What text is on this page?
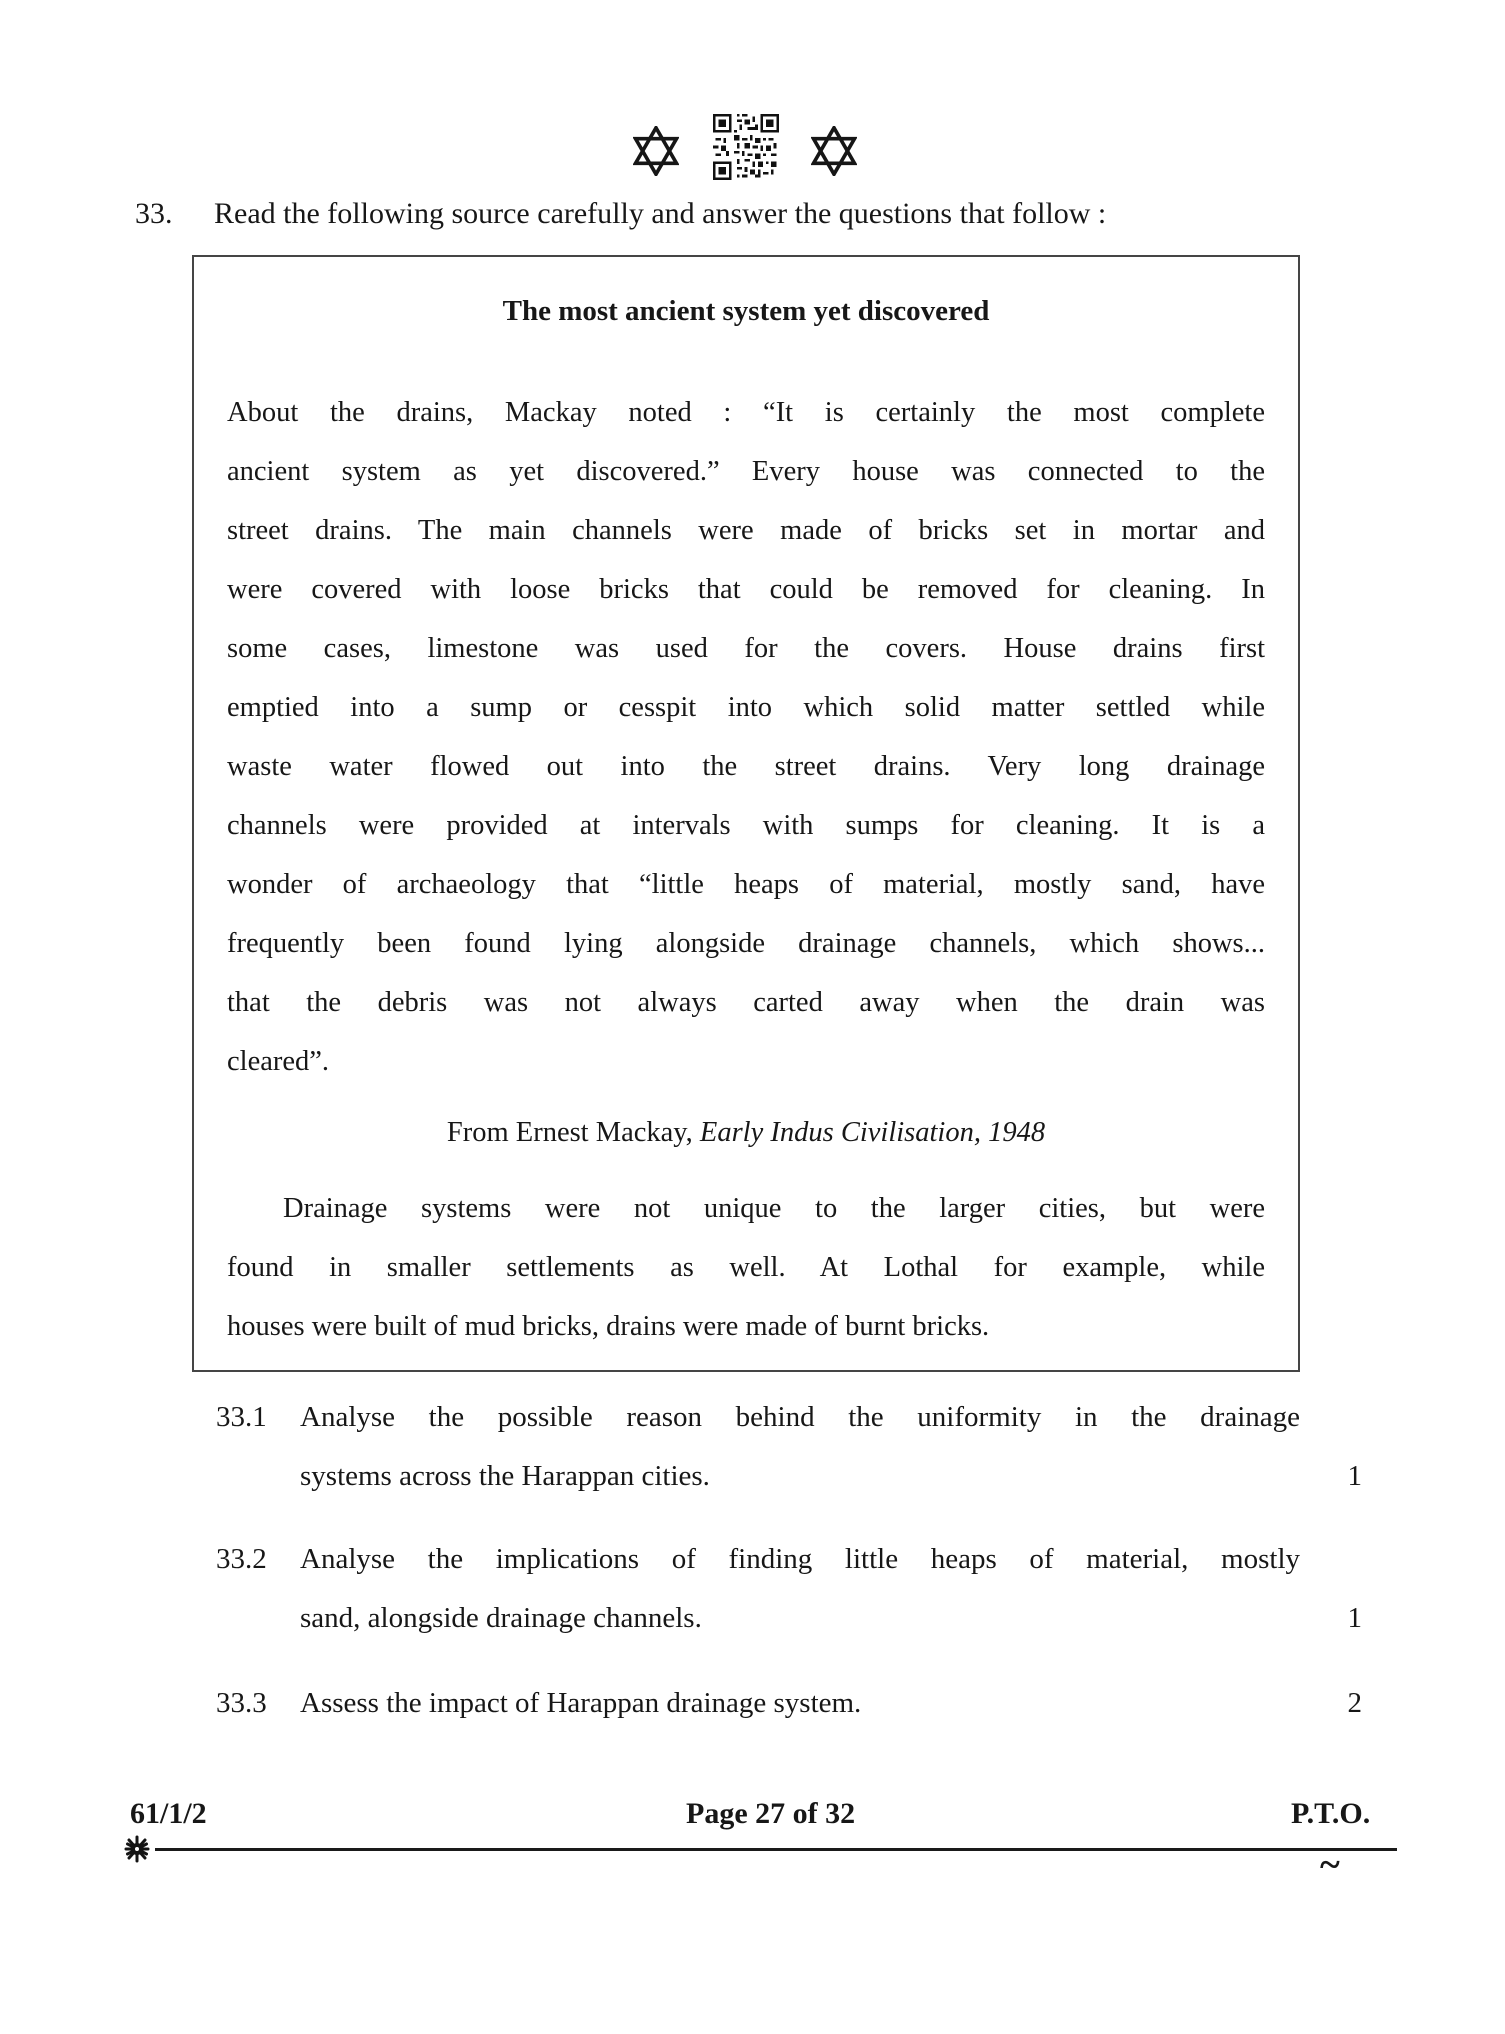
33.	Read the following source carefully and answer the questions that follow :
The most ancient system yet discovered
About the drains, Mackay noted : “It is certainly the most complete
ancient system as yet discovered.” Every house was connected to the
street drains. The main channels were made of bricks set in mortar and
were covered with loose bricks that could be removed for cleaning. In
some cases, limestone was used for the covers. House drains first
emptied into a sump or cesspit into which solid matter settled while
waste water flowed out into the street drains. Very long drainage
channels were provided at intervals with sumps for cleaning. It is a
wonder of archaeology that “little heaps of material, mostly sand, have
frequently been found lying alongside drainage channels, which shows...
that the debris was not always carted away when the drain was
cleared”.
From Ernest Mackay, Early Indus Civilisation, 1948
Drainage systems were not unique to the larger cities, but were
found in smaller settlements as well. At Lothal for example, while
houses were built of mud bricks, drains were made of burnt bricks.
33.1	Analyse the possible reason behind the uniformity in the drainage
systems across the Harappan cities.	1
33.2	Analyse the implications of finding little heaps of material, mostly
sand, alongside drainage channels.	1
33.3	Assess the impact of Harappan drainage system.	2
61/1/2	Page 27 of 32	P.T.O.
~
